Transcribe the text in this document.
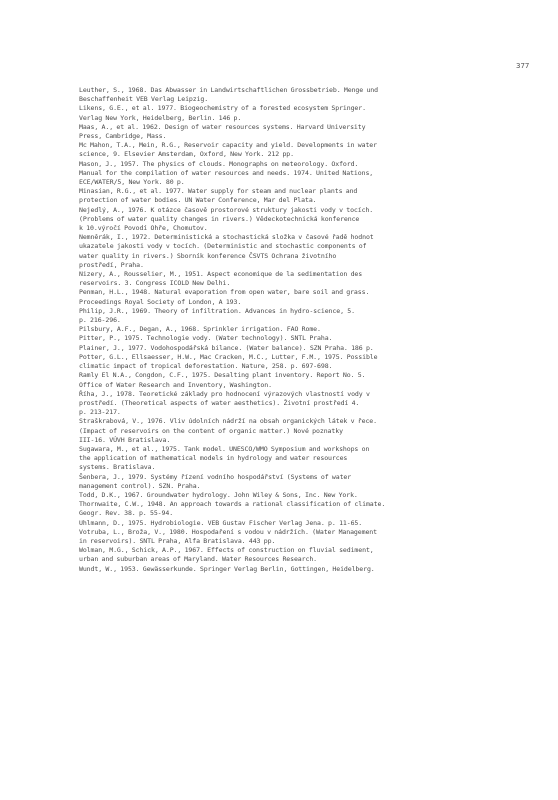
377
Leuther, S., 1968. Das Abwasser in Landwirtschaftlichen Grossbetrieb. Menge und
Beschaffenheit VEB Verlag Leipzig.
Likens, G.E., et al. 1977. Biogeochemistry of a forested ecosystem Springer.
Verlag New York, Heidelberg, Berlin. 146 p.
Maas, A., et al. 1962. Design of water resources systems. Harvard University
Press, Cambridge, Mass.
Mc Mahon, T.A., Mein, R.G., Reservoir capacity and yield. Developments in water
science, 9. Elsevier Amsterdam, Oxford, New York. 212 pp.
Mason, J., 1957. The physics of clouds. Monographs on meteorology. Oxford.
Manual for the compilation of water resources and needs. 1974. United Nations,
ECE/WATER/5, New York. 80 p.
Minasian, R.G., et al. 1977. Water supply for steam and nuclear plants and
protection of water bodies. UN Water Conference, Mar del Plata.
Nejedlý, A., 1976. K otázce časově prostorové struktury jakosti vody v tocích.
(Problems of water quality changes in rivers.) Vědeckotechnická konference
k 10.výročí Povodí Ohře, Chomutov.
Nemněrák, I., 1972. Deterministická a stochastická složka v časové řadě hodnot
ukazatele jakosti vody v tocích. (Deterministic and stochastic components of
water quality in rivers.) Sborník konference ČSVTS Ochrana životního
prostředí, Praha.
Nizery, A., Rousselier, M., 1951. Aspect economique de la sedimentation des
reservoirs. 3. Congress ICOLD New Delhi.
Penman, H.L., 1948. Natural evaporation from open water, bare soil and grass.
Proceedings Royal Society of London, A 193.
Philip, J.R., 1969. Theory of infiltration. Advances in hydro-science, 5.
p. 216-296.
Pilsbury, A.F., Degan, A., 1968. Sprinkler irrigation. FAO Rome.
Pitter, P., 1975. Technologie vody. (Water technology). SNTL Praha.
Plainer, J., 1977. Vodohospodářská bilance. (Water balance). SZN Praha. 186 p.
Potter, G.L., Ellsaesser, H.W., Mac Cracken, M.C., Lutter, F.M., 1975. Possible
climatic impact of tropical deforestation. Nature, 258. p. 697-698.
Ramly El N.A., Congdon, C.F., 1975. Desalting plant inventory. Report No. 5.
Office of Water Research and Inventory, Washington.
Říha, J., 1978. Teoretické základy pro hodnocení výrazových vlastností vody v
prostředí. (Theoretical aspects of water aesthetics). Životní prostředí 4.
p. 213-217.
Straškrabová, V., 1976. Vliv údolních nádrží na obsah organických látek v řece.
(Impact of reservoirs on the content of organic matter.) Nové poznatky
III-16. VÚVH Bratislava.
Sugawara, M., et al., 1975. Tank model. UNESCO/WMO Symposium and workshops on
the application of mathematical models in hydrology and water resources
systems. Bratislava.
Šenbera, J., 1979. Systémy řízení vodního hospodářství (Systems of water
management control). SZN. Praha.
Todd, D.K., 1967. Groundwater hydrology. John Wiley & Sons, Inc. New York.
Thornwaite, C.W., 1948. An approach towards a rational classification of climate.
Geogr. Rev. 38. p. 55-94.
Uhlmann, D., 1975. Hydrobiologie. VEB Gustav Fischer Verlag Jena. p. 11-65.
Votruba, L., Broža, V., 1980. Hospodaření s vodou v nádržích. (Water Management
in reservoirs). SNTL Praha, Alfa Bratislava. 443 pp.
Wolman, M.G., Schick, A.P., 1967. Effects of construction on fluvial sediment,
urban and suburban areas of Maryland. Water Resources Research.
Wundt, W., 1953. Gewässerkunde. Springer Verlag Berlin, Gottingen, Heidelberg.
